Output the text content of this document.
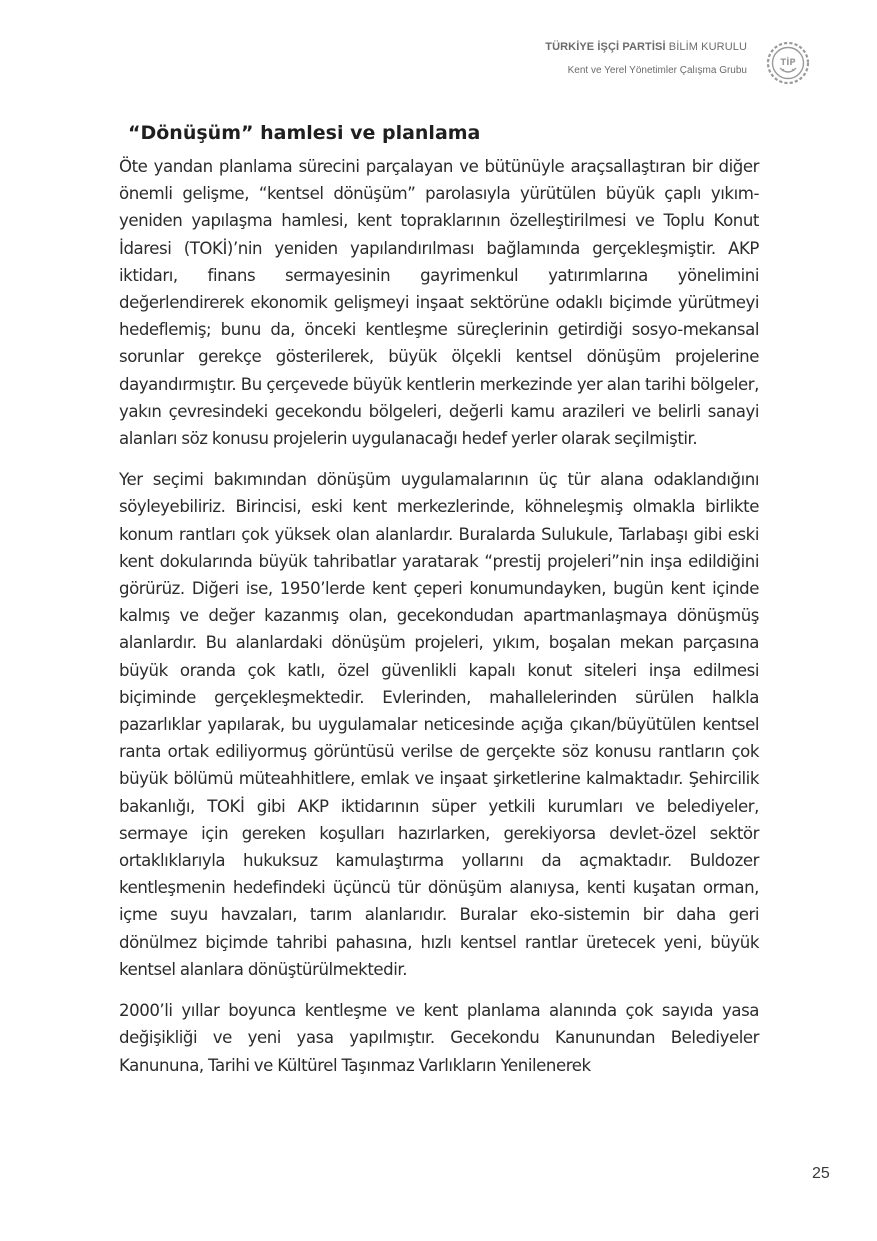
TÜRKİYE İŞÇİ PARTİSİ BİLİM KURULU
Kent ve Yerel Yönetimler Çalışma Grubu
TİP
“Dönüşüm” hamlesi ve planlama

Öte yandan planlama sürecini parçalayan ve bütünüyle araçsallaştıran bir diğer önemli gelişme, “kentsel dönüşüm” parolasıyla yürütülen büyük çaplı yıkım-yeniden yapılaşma hamlesi, kent topraklarının özelleştirilmesi ve Toplu Konut İdaresi (TOKİ)’nin yeniden yapılandırılması bağlamında gerçekleşmiştir. AKP iktidarı, finans sermayesinin gayrimenkul yatırımlarına yönelimini değerlendirerek ekonomik gelişmeyi inşaat sektörüne odaklı biçimde yürütmeyi hedeflemiş; bunu da, önceki kentleşme süreçlerinin getirdiği sosyo-mekansal sorunlar gerekçe gösterilerek, büyük ölçekli kentsel dönüşüm projelerine dayandırmıştır. Bu çerçevede büyük kentlerin merkezinde yer alan tarihi bölgeler, yakın çevresindeki gecekondu bölgeleri, değerli kamu arazileri ve belirli sanayi alanları söz konusu projelerin uygulanacağı hedef yerler olarak seçilmiştir.

Yer seçimi bakımından dönüşüm uygulamalarının üç tür alana odaklandığını söyleyebiliriz. Birincisi, eski kent merkezlerinde, köhneleşmiş olmakla birlikte konum rantları çok yüksek olan alanlardır. Buralarda Sulukule, Tarlabaşı gibi eski kent dokularında büyük tahribatlar yaratarak “prestij projeleri”nin inşa edildiğini görürüz. Diğeri ise, 1950’lerde kent çeperi konumundayken, bugün kent içinde kalmış ve değer kazanmış olan, gecekondudan apartmanlaşmaya dönüşmüş alanlardır. Bu alanlardaki dönüşüm projeleri, yıkım, boşalan mekan parçasına büyük oranda çok katlı, özel güvenlikli kapalı konut siteleri inşa edilmesi biçiminde gerçekleşmektedir. Evlerinden, mahallelerinden sürülen halkla pazarlıklar yapılarak, bu uygulamalar neticesinde açığa çıkan/büyütülen kentsel ranta ortak ediliyormuş görüntüsü verilse de gerçekte söz konusu rantların çok büyük bölümü müteahhitlere, emlak ve inşaat şirketlerine kalmaktadır. Şehircilik bakanlığı, TOKİ gibi AKP iktidarının süper yetkili kurumları ve belediyeler, sermaye için gereken koşulları hazırlarken, gerekiyorsa devlet-özel sektör ortaklıklarıyla hukuksuz kamulaştırma yollarını da açmaktadır. Buldozer kentleşmenin hedefindeki üçüncü tür dönüşüm alanıysa, kenti kuşatan orman, içme suyu havzaları, tarım alanlarıdır. Buralar eko-sistemin bir daha geri dönülmez biçimde tahribi pahasına, hızlı kentsel rantlar üretecek yeni, büyük kentsel alanlara dönüştürülmektedir.

2000’li yıllar boyunca kentleşme ve kent planlama alanında çok sayıda yasa değişikliği ve yeni yasa yapılmıştır. Gecekondu Kanunundan Belediyeler Kanununa, Tarihi ve Kültürel Taşınmaz Varlıkların Yenilenerek

25
